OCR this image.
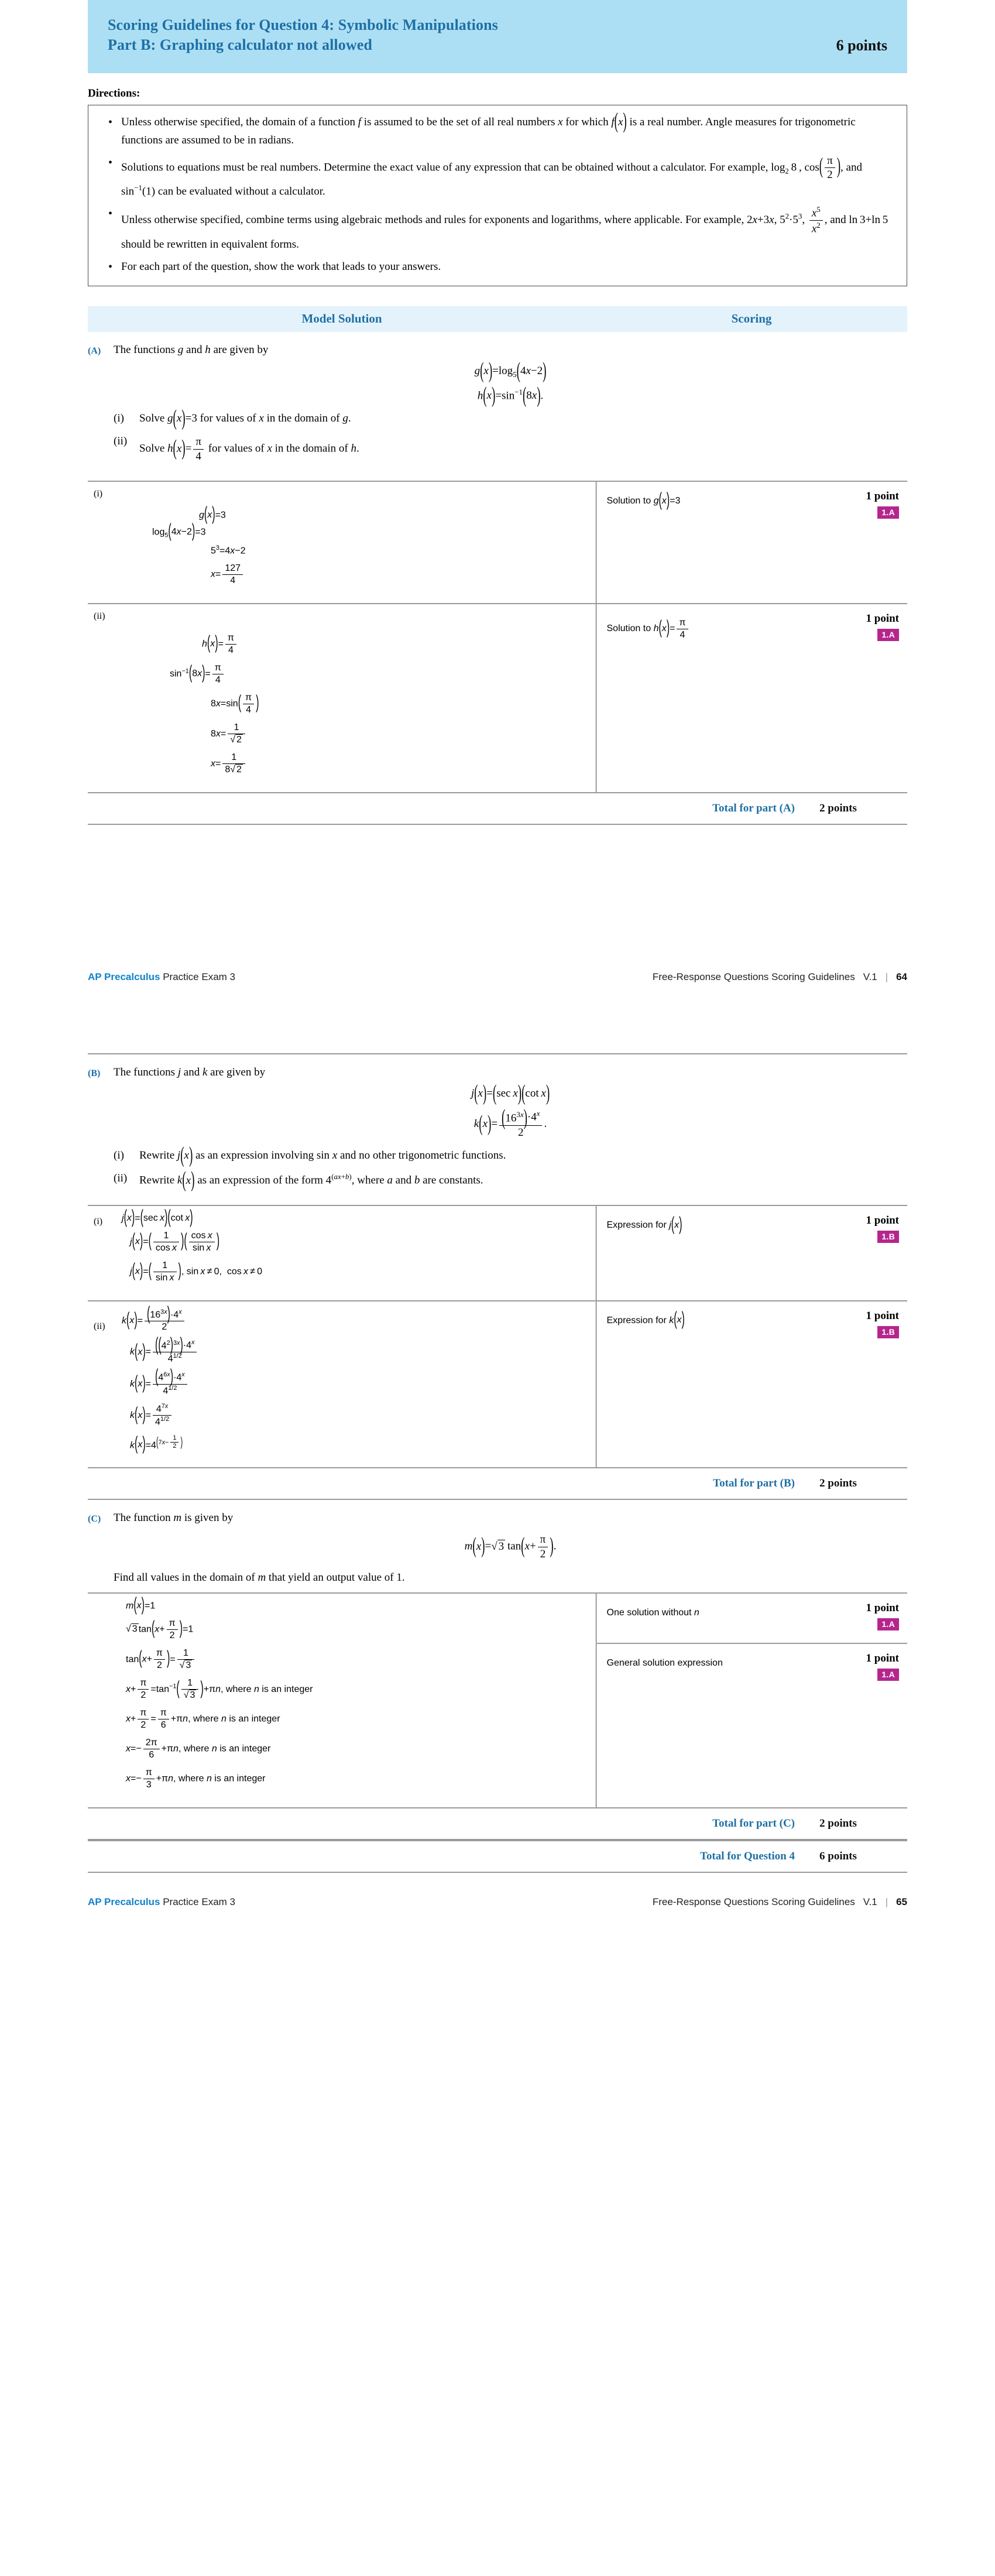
Scoring Guidelines for Question 4: Symbolic Manipulations
Part B: Graphing calculator not allowed	6 points
Directions:
• Unless otherwise specified, the domain of a function f is assumed to be the set of all real numbers x for which f(x) is a real number. Angle measures for trigonometric functions are assumed to be in radians.
• Solutions to equations must be real numbers. Determine the exact value of any expression that can be obtained without a calculator. For example, $\log_2 8$ , $\cos( \frac{\pi}{2}$ ), and $\sin^{-1}(1)$ can be evaluated without a calculator.
• Unless otherwise specified, combine terms using algebraic methods and rules for exponents and logarithms, where applicable. For example, 2x+3x, $5^2\cdot 5^3$, $\frac{x^5}{x^2}$ , and ln 3+ln 5 should be rewritten in equivalent forms.
• For each part of the question, show the work that leads to your answers.
Model Solution	Scoring
(A)	The functions g and h are given by
$g(x)=\log_5(4x-2)$
$h(x)=\sin^{-1}(8x)$.
(i)	Solve g(x)=3 for values of x in the domain of g.
(ii)
Solve $h(x)= \frac{\pi}{4}$ for values of x in the domain of h.
(i)
g(x)=3
$\log_5(4x-2)=3$
$5^3=4x-2$
$x= \frac{127}{4}$
	Solution to g(x)=3	1 point
1.A

(ii)
$h(x)= \frac{\pi}{4}$
$\sin^{-1}(8x)= \frac{\pi}{4}$
$8x=\sin( \frac{\pi}{4}$ )
$8x= \frac{1}{√ 2}$
$x= \frac{1}{8√ 2}$
	Solution to $h(x)= \frac{\pi}{4}$	1 point
1.A
Total for part (A)	2 points
AP Precalculus Practice Exam 3	Free-Response Questions Scoring Guidelines V.1 | 64
(B)	The functions j and k are given by
j(x)=(sec x)(cot x)
$k(x)= \frac{(16^{3x})\cdot 4^x}{2}$ .
(i)	Rewrite j(x) as an expression involving sin x and no other trigonometric functions.
(ii)	Rewrite k(x) as an expression of the form $4^{(ax+b)}$, where a and b are constants.
(i)	j(x)=(sec x)(cot x)
$j(x)=( \frac{1}{\text{cos x}}$ )( $\frac{\text{cos x}}{\text{sin x}}$ )
$j(x)=( \frac{1}{\text{sin x}}$ ), sin x ≠ 0,  cos x ≠ 0
	Expression for j(x)	1 point
1.B

(ii)
$k(x)= \frac{(16^{3x})\cdot 4^x}{2}$
$k(x)= \frac{((4^2)^{3x})\cdot 4^x}{4^{1/2}}$
$k(x)= \frac{(4^{6x})\cdot 4^x}{4^{1/2}}$
$k(x)= \frac{4^{7x}}{4^{1/2}}$
$k(x)=4^{(7x- \frac{1}{2} )}$
	Expression for k(x)	1 point
1.B
Total for part (B)	2 points
(C)	The function m is given by
m(x)=√ 3 $\tan(x+ \frac{\pi}{2}$ ).
Find all values in the domain of m that yield an output value of 1.
m(x)=1
√ 3 $\tan(x+ \frac{\pi}{2} )=1$
$\tan(x+ \frac{\pi}{2}$ )= $\frac{1}{√ 3}$
$x+ \frac{\pi}{2} =\tan^{-1}( \frac{1}{√ 3} )+\pi n$, where n is an integer
$x+ \frac{\pi}{2} = \frac{\pi}{6} +\pi n$, where n is an integer
$x=- \frac{2\pi}{6} +\pi n$, where n is an integer
$x=- \frac{\pi}{3} +\pi n$, where n is an integer
	One solution without n	1 point
1.A
	General solution expression	1 point
1.A
Total for part (C)	2 points
Total for Question 4	6 points
AP Precalculus Practice Exam 3	Free-Response Questions Scoring Guidelines V.1 | 65
